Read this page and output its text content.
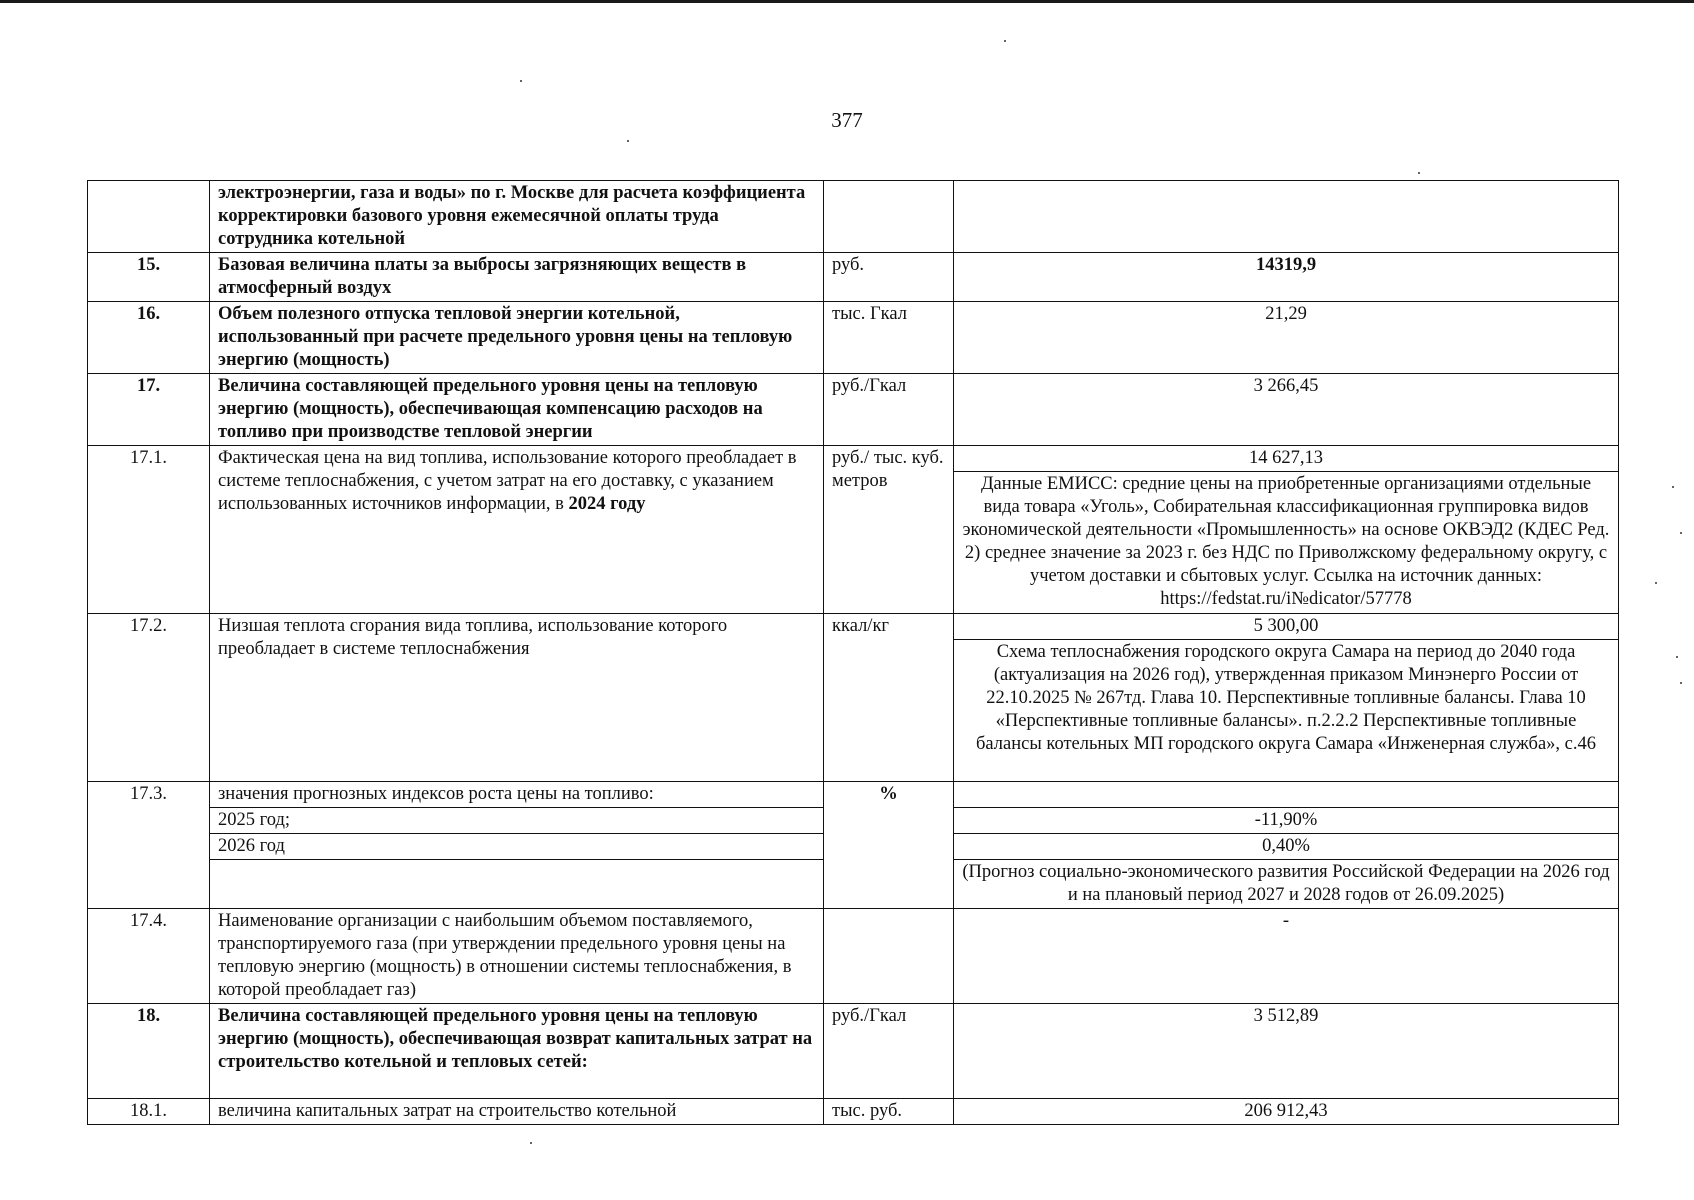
377
	электроэнергии, газа и воды» по г. Москве для расчета коэффициента корректировки базового уровня ежемесячной оплаты труда сотрудника котельной		
15.	Базовая величина платы за выбросы загрязняющих веществ в атмосферный воздух	руб.	14319,9
16.	Объем полезного отпуска тепловой энергии котельной, использованный при расчете предельного уровня цены на тепловую энергию (мощность)	тыс. Гкал	21,29
17.	Величина составляющей предельного уровня цены на тепловую энергию (мощность), обеспечивающая компенсацию расходов на топливо при производстве тепловой энергии	руб./Гкал	3 266,45
17.1.	Фактическая цена на вид топлива, использование которого преобладает в системе теплоснабжения, с учетом затрат на его доставку, с указанием использованных источников информации, в 2024 году	руб./ тыс. куб. метров	14 627,13
			Данные ЕМИСС: средние цены на приобретенные организациями отдельные вида товара «Уголь», Собирательная классификационная группировка видов экономической деятельности «Промышленность» на основе ОКВЭД2 (КДЕС Ред. 2) среднее значение за 2023 г. без НДС по Приволжскому федеральному округу, с учетом доставки и сбытовых услуг. Ссылка на источник данных: https://fedstat.ru/i№dicator/57778
17.2.	Низшая теплота сгорания вида топлива, использование которого преобладает в системе теплоснабжения	ккал/кг	5 300,00
			Схема теплоснабжения городского округа Самара на период до 2040 года (актуализация на 2026 год), утвержденная приказом Минэнерго России от 22.10.2025 № 267тд. Глава 10. Перспективные топливные балансы. Глава 10 «Перспективные топливные балансы». п.2.2.2 Перспективные топливные балансы котельных МП городского округа Самара «Инженерная служба», с.46
17.3.	значения прогнозных индексов роста цены на топливо:	%	
	2025 год;		-11,90%
	2026 год		0,40%
			(Прогноз социально-экономического развития Российской Федерации на 2026 год и на плановый период 2027 и 2028 годов от 26.09.2025)
17.4.	Наименование организации с наибольшим объемом поставляемого, транспортируемого газа (при утверждении предельного уровня цены на тепловую энергию (мощность) в отношении системы теплоснабжения, в которой преобладает газ)		-
18.	Величина составляющей предельного уровня цены на тепловую энергию (мощность), обеспечивающая возврат капитальных затрат на строительство котельной и тепловых сетей:	руб./Гкал	3 512,89
18.1.	величина капитальных затрат на строительство котельной	тыс. руб.	206 912,43
